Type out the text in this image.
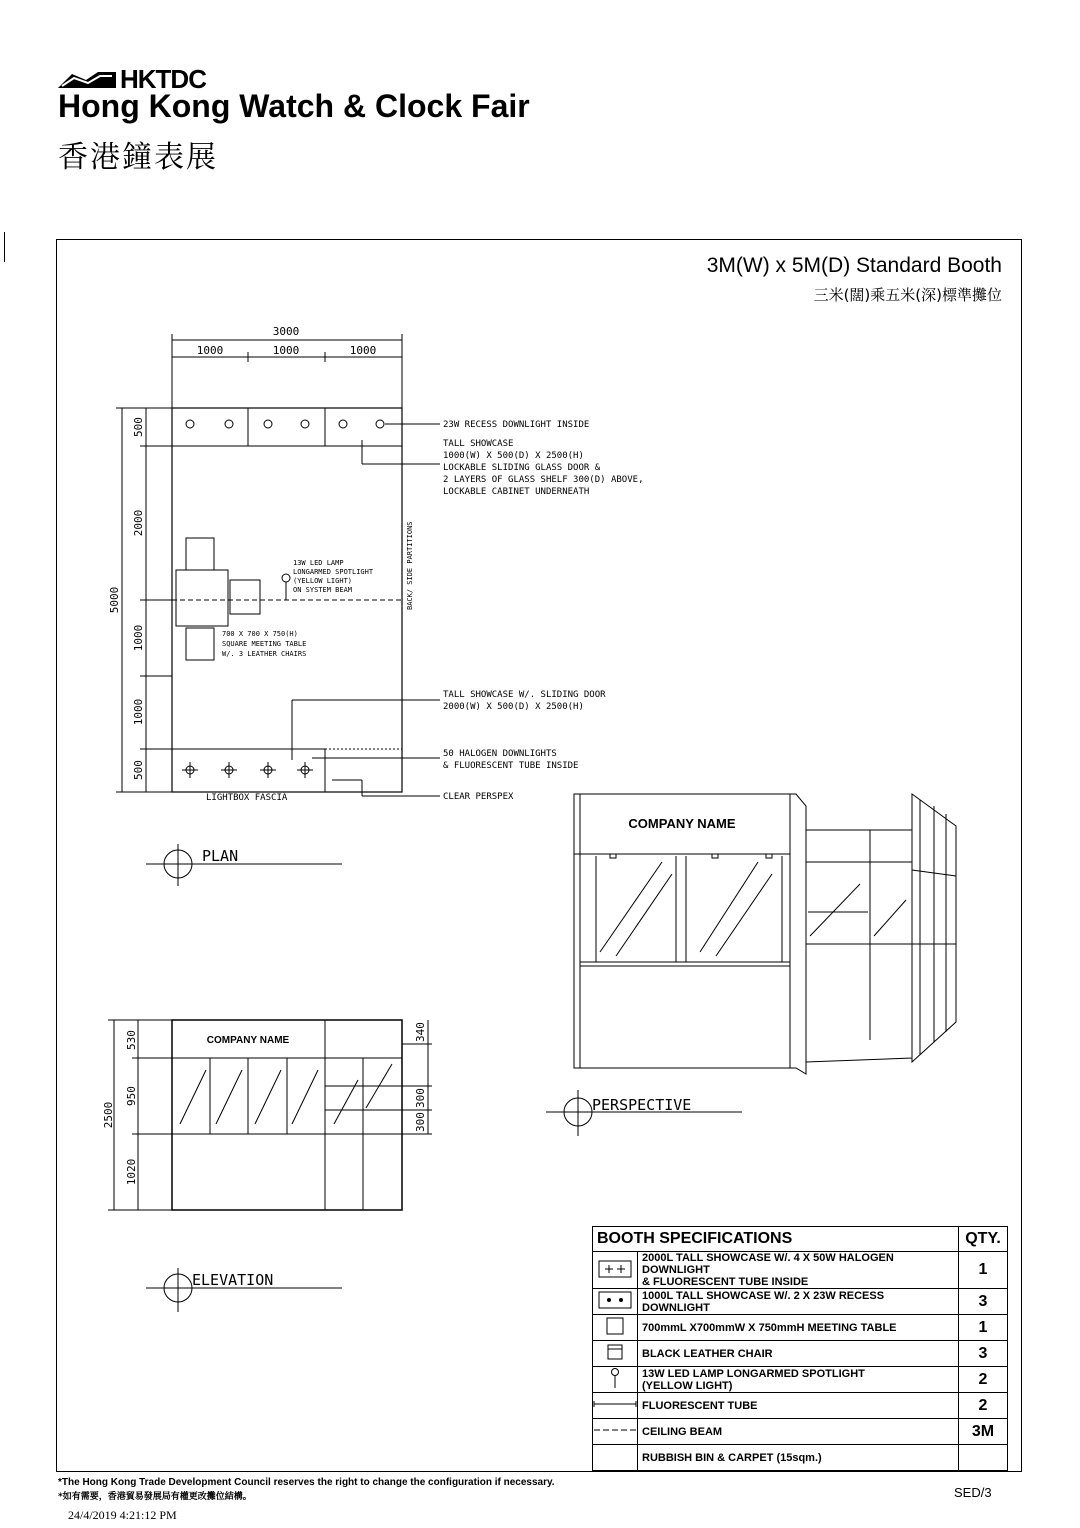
HKTDC
Hong Kong Watch & Clock Fair
香港鐘表展
3M(W) x 5M(D) Standard Booth
三米(闊)乘五米(深)標準攤位
3000
1000	1000	1000
5000
500
2000
1000
1000
500
23W RECESS DOWNLIGHT INSIDE
TALL SHOWCASE
1000(W) X 500(D) X 2500(H)
LOCKABLE SLIDING GLASS DOOR &
2 LAYERS OF GLASS SHELF 300(D) ABOVE,
LOCKABLE CABINET UNDERNEATH
13W LED LAMP
LONGARMED SPOTLIGHT
(YELLOW LIGHT)
ON SYSTEM BEAM
700 X 700 X 750(H)
SQUARE MEETING TABLE
W/. 3 LEATHER CHAIRS
BACK/ SIDE PARTITIONS
TALL SHOWCASE W/. SLIDING DOOR
2000(W) X 500(D) X 2500(H)
50 HALOGEN DOWNLIGHTS
& FLUORESCENT TUBE INSIDE
LIGHTBOX FASCIA	CLEAR PERSPEX
PLAN
COMPANY NAME
2500
530
950
1020
340
300
300
ELEVATION
COMPANY NAME
PERSPECTIVE
BOOTH SPECIFICATIONS		QTY.

2000L TALL SHOWCASE W/. 4 X 50W HALOGEN DOWNLIGHT
& FLUORESCENT TUBE INSIDE	1
	1000L TALL SHOWCASE W/. 2 X 23W RECESS DOWNLIGHT	3
	700mmL X700mmW X 750mmH MEETING TABLE	1
	BLACK LEATHER CHAIR	3

13W LED LAMP LONGARMED SPOTLIGHT
(YELLOW LIGHT)	2
	FLUORESCENT TUBE	2
	CEILING BEAM	3M
	RUBBISH BIN & CARPET (15sqm.)	
*The Hong Kong Trade Development Council reserves the right to change the configuration if necessary.
*如有需要，香港貿易發展局有權更改攤位結構。	SED/3
24/4/2019 4:21:12 PM
